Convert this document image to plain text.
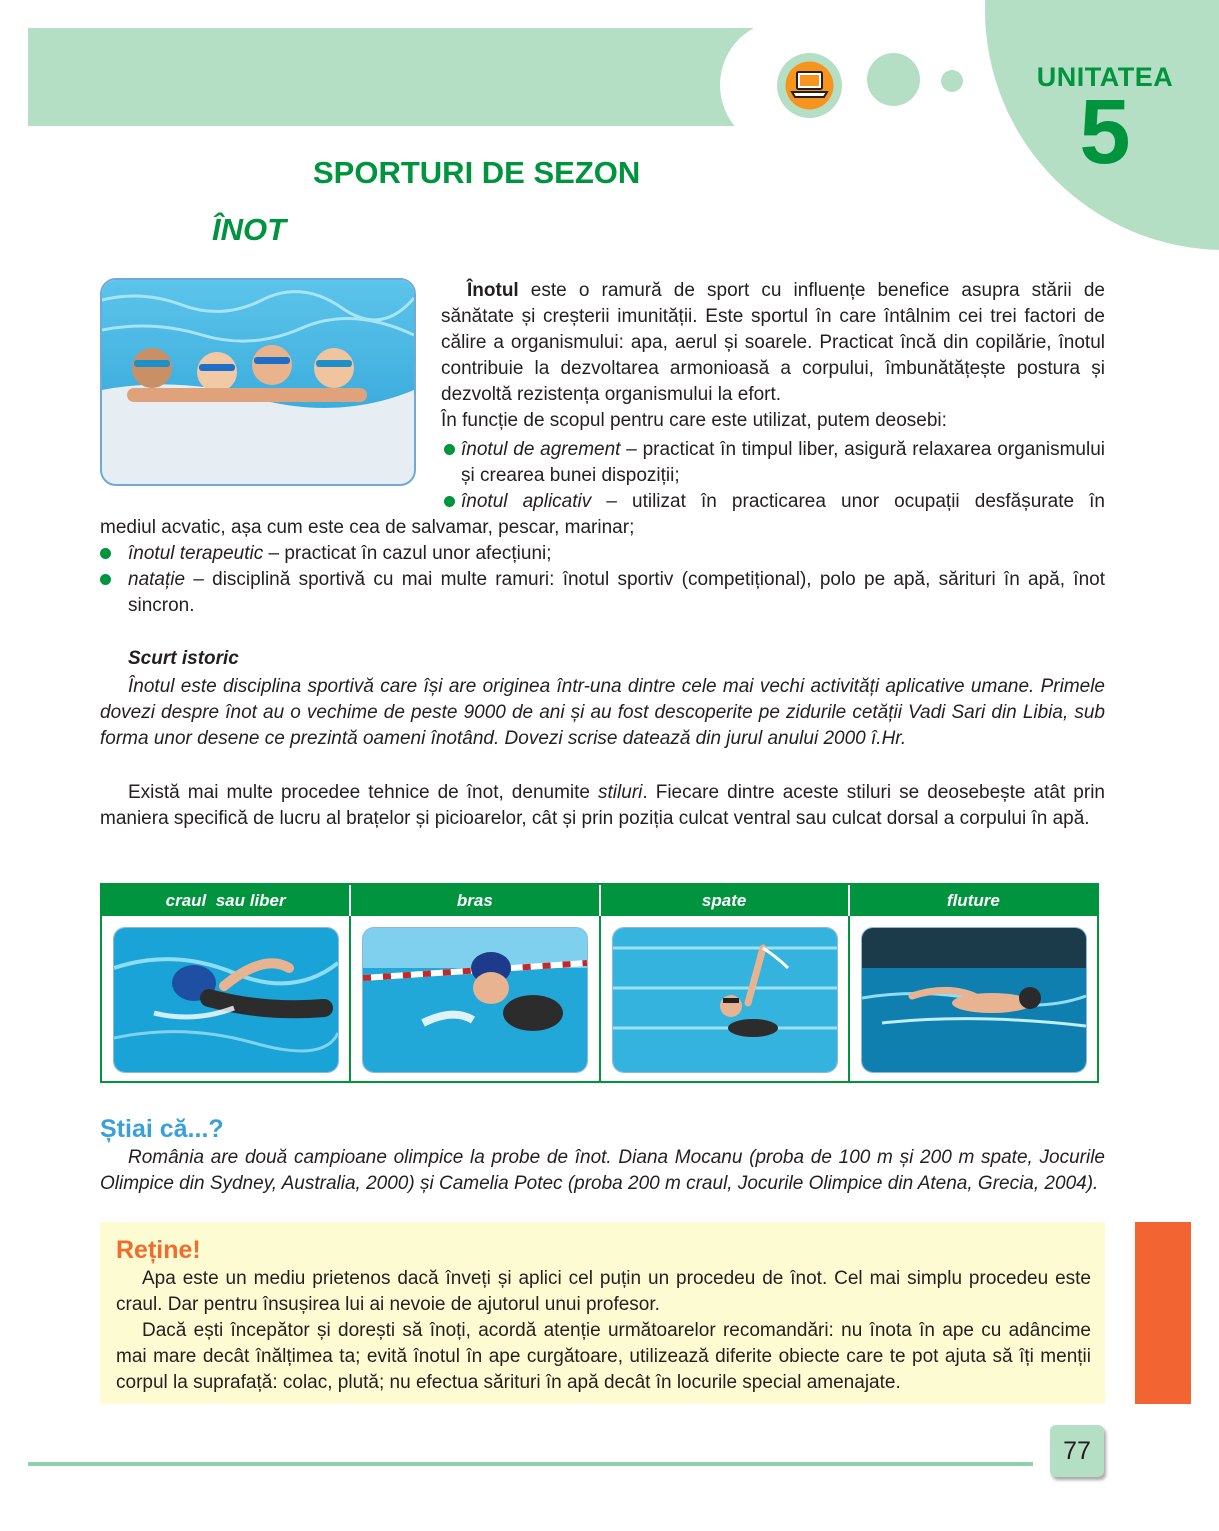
UNITATEA
5
SPORTURI DE SEZON
ÎNOT
Înotul este o ramură de sport cu influențe benefice asupra stării de sănătate și creșterii imunității. Este sportul în care întâlnim cei trei factori de călire a organismului: apa, aerul și soarele. Practicat încă din copilărie, înotul contribuie la dezvoltarea armonioasă a corpului, îmbunătățește postura și dezvoltă rezistența organismului la efort.
În funcție de scopul pentru care este utilizat, putem deosebi:
înotul de agrement – practicat în timpul liber, asigură relaxarea organismului și crearea bunei dispoziții;
înotul aplicativ – utilizat în practicarea unor ocupații desfășurate în
mediul acvatic, așa cum este cea de salvamar, pescar, marinar;
înotul terapeutic – practicat în cazul unor afecțiuni;
natație – disciplină sportivă cu mai multe ramuri: înotul sportiv (competițional), polo pe apă, sărituri în apă, înot sincron.
Scurt istoric
Înotul este disciplina sportivă care își are originea într-una dintre cele mai vechi activități aplicative umane. Primele dovezi despre înot au o vechime de peste 9000 de ani și au fost descoperite pe zidurile cetății Vadi Sari din Libia, sub forma unor desene ce prezintă oameni înotând. Dovezi scrise datează din jurul anului 2000 î.Hr.
Există mai multe procedee tehnice de înot, denumite stiluri. Fiecare dintre aceste stiluri se deosebește atât prin maniera specifică de lucru al brațelor și picioarelor, cât și prin poziția culcat ventral sau culcat dorsal a corpului în apă.
craul  sau liber	bras	spate	fluture
Știai că...?
România are două campioane olimpice la probe de înot. Diana Mocanu (proba de 100 m și 200 m spate, Jocurile Olimpice din Sydney, Australia, 2000) și Camelia Potec (proba 200 m craul, Jocurile Olimpice din Atena, Grecia, 2004).
Reține!
Apa este un mediu prietenos dacă înveți și aplici cel puțin un procedeu de înot. Cel mai simplu procedeu este craul. Dar pentru însușirea lui ai nevoie de ajutorul unui profesor.
Dacă ești începător și dorești să înoți, acordă atenție următoarelor recomandări: nu înota în ape cu adâncime mai mare decât înălțimea ta; evită înotul în ape curgătoare, utilizează diferite obiecte care te pot ajuta să îți menții corpul la suprafață: colac, plută; nu efectua sărituri în apă decât în locurile special amenajate.
77
